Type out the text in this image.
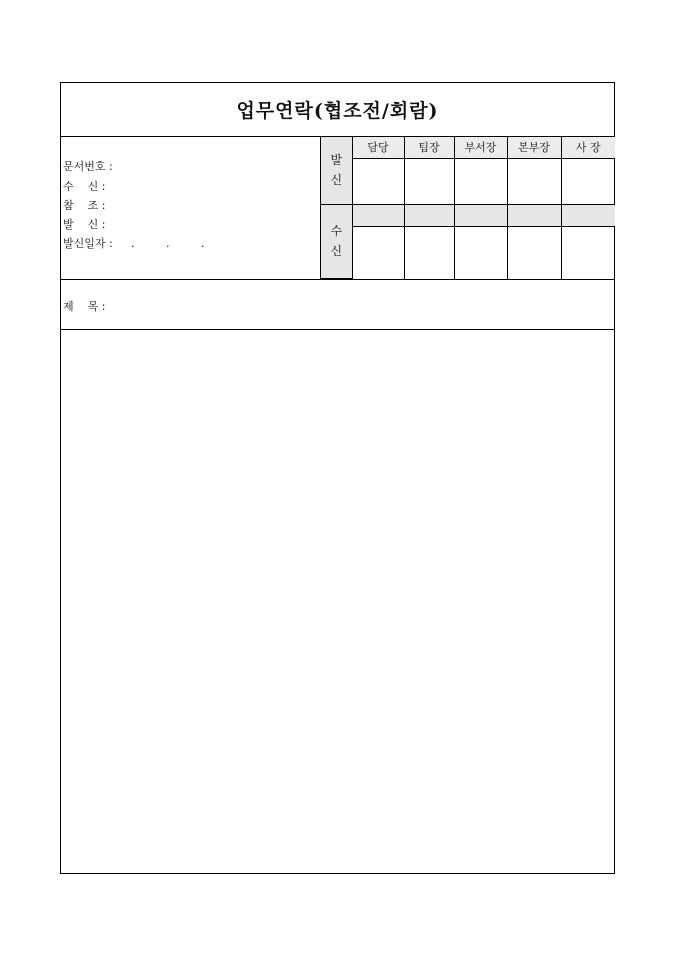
업무연락(협조전/회람)
문서번호 :
수    신 :
참    조 :
발    신 :
발신일자 :	. . .
발
신	담당	팀장	부서장	본부장	사 장

수
신					

제    목 :
